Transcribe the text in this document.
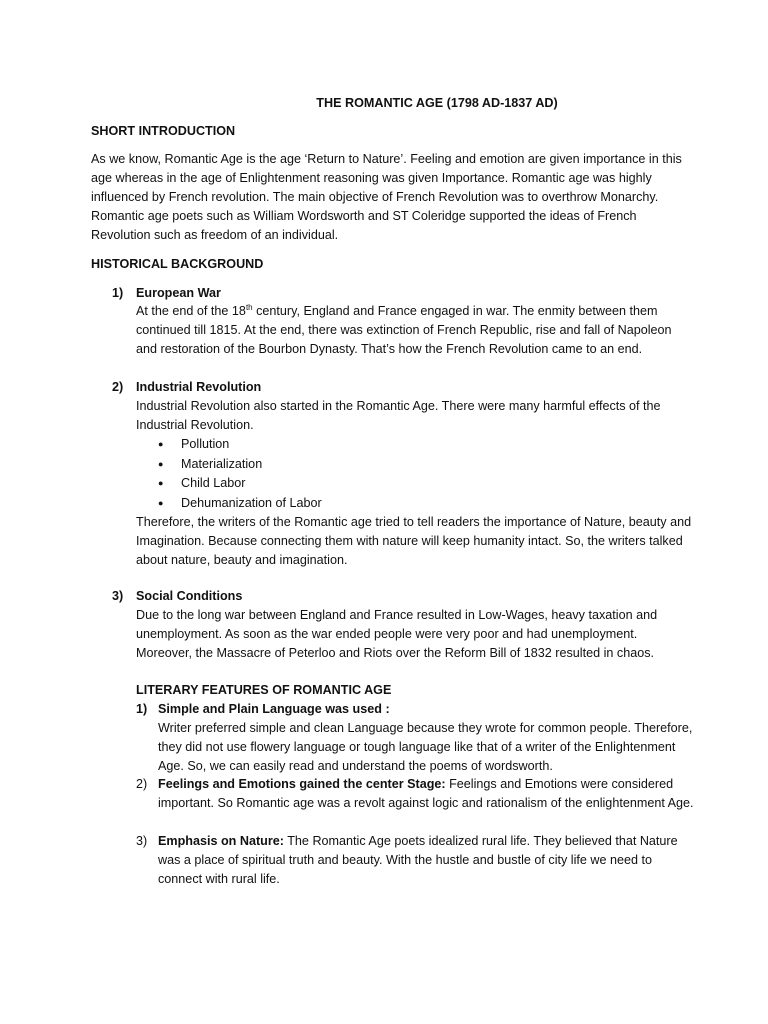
THE ROMANTIC AGE (1798 AD-1837 AD)
SHORT INTRODUCTION
As we know, Romantic Age is the age ‘Return to Nature’. Feeling and emotion are given importance in this age whereas in the age of Enlightenment reasoning was given Importance. Romantic age was highly influenced by French revolution. The main objective of French Revolution was to overthrow Monarchy. Romantic age poets such as William Wordsworth and ST Coleridge supported the ideas of French Revolution such as freedom of an individual.
HISTORICAL BACKGROUND
1)	European War
At the end of the 18th century, England and France engaged in war. The enmity between them continued till 1815. At the end, there was extinction of French Republic, rise and fall of Napoleon and restoration of the Bourbon Dynasty. That’s how the French Revolution came to an end.
2)	Industrial Revolution
Industrial Revolution also started in the Romantic Age. There were many harmful effects of the Industrial Revolution.
● Pollution
● Materialization
● Child Labor
● Dehumanization of Labor
Therefore, the writers of the Romantic age tried to tell readers the importance of Nature, beauty and Imagination. Because connecting them with nature will keep humanity intact. So, the writers talked about nature, beauty and imagination.
3)	Social Conditions
Due to the long war between England and France resulted in Low-Wages, heavy taxation and unemployment. As soon as the war ended people were very poor and had unemployment. Moreover, the Massacre of Peterloo and Riots over the Reform Bill of 1832 resulted in chaos.
LITERARY FEATURES OF ROMANTIC AGE
1) Simple and Plain Language was used :
Writer preferred simple and clean Language because they wrote for common people. Therefore, they did not use flowery language or tough language like that of a writer of the Enlightenment Age. So, we can easily read and understand the poems of wordsworth.
2) Feelings and Emotions gained the center Stage: Feelings and Emotions were considered important. So Romantic age was a revolt against logic and rationalism of the enlightenment Age.
3) Emphasis on Nature: The Romantic Age poets idealized rural life. They believed that Nature was a place of spiritual truth and beauty. With the hustle and bustle of city life we need to connect with rural life.
